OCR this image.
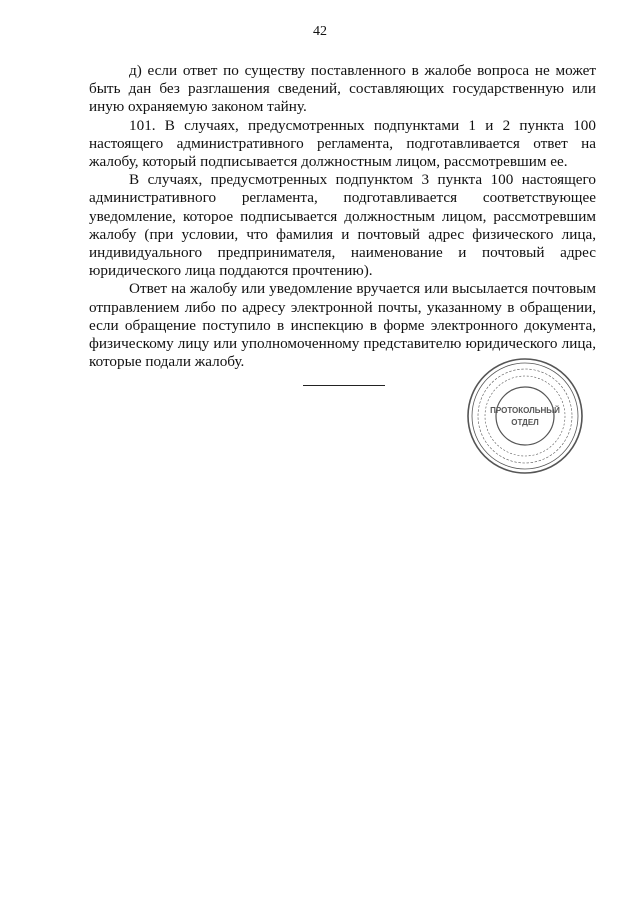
42

д) если ответ по существу поставленного в жалобе вопроса не может быть дан без разглашения сведений, составляющих государственную или иную охраняемую законом тайну.

101. В случаях, предусмотренных подпунктами 1 и 2 пункта 100 настоящего административного регламента, подготавливается ответ на жалобу, который подписывается должностным лицом, рассмотревшим ее.

В случаях, предусмотренных подпунктом 3 пункта 100 настоящего административного регламента, подготавливается соответствующее уведомление, которое подписывается должностным лицом, рассмотревшим жалобу (при условии, что фамилия и почтовый адрес физического лица, индивидуального предпринимателя, наименование и почтовый адрес юридического лица поддаются прочтению).

Ответ на жалобу или уведомление вручается или высылается почтовым отправлением либо по адресу электронной почты, указанному в обращении, если обращение поступило в инспекцию в форме электронного документа, физическому лицу или уполномоченному представителю юридического лица, которые подали жалобу.

ПРОТОКОЛЬНЫЙ
ОТДЕЛ
